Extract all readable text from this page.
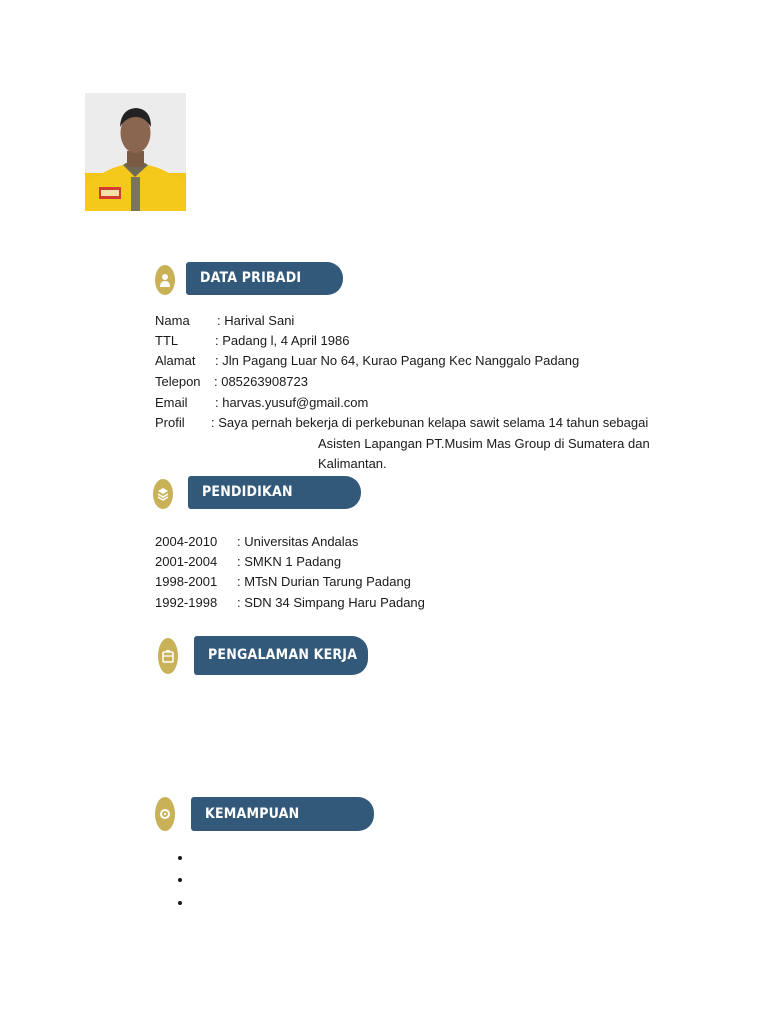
DATA PRIBADI
Nama : Harival Sani
TTL	: Padang l, 4 April 1986
Alamat : Jln Pagang Luar No 64, Kurao Pagang Kec Nanggalo Padang
Telepon : 085263908723
Email : harvas.yusuf@gmail.com
Profil : Saya pernah bekerja di perkebunan kelapa sawit selama 14 tahun sebagai
Asisten Lapangan PT.Musim Mas Group di Sumatera dan
Kalimantan.
PENDIDIKAN
2004-2010 : Universitas Andalas
2001-2004 : SMKN 1 Padang
1998-2001 : MTsN Durian Tarung Padang
1992-1998 : SDN 34 Simpang Haru Padang
PENGALAMAN KERJA
KEMAMPUAN
